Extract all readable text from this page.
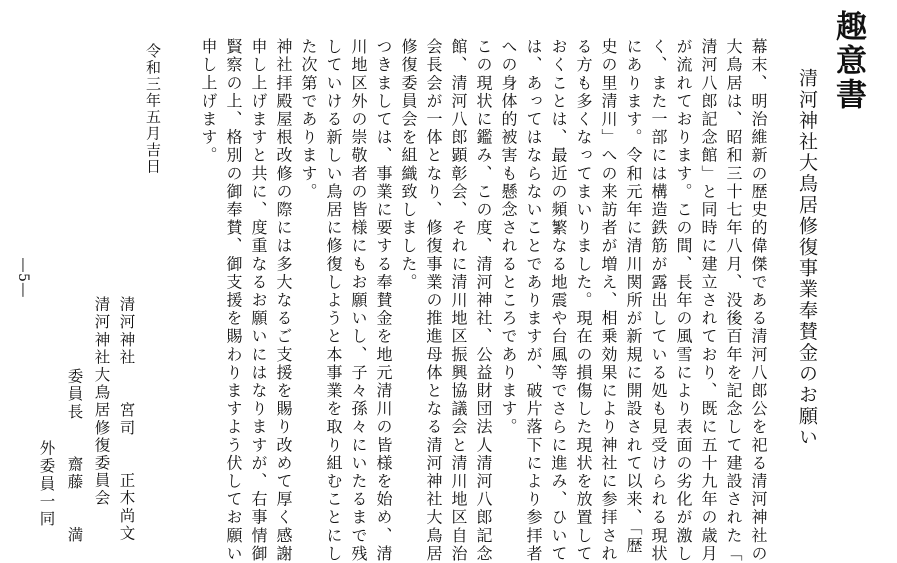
趣意書
清河神社大鳥居修復事業奉賛金のお願い
幕末、明治維新の歴史的偉傑である清河八郎公を祀る清河神社の
大鳥居は、昭和三十七年八月、没後百年を記念して建設された「
清河八郎記念館」と同時に建立されており、既に五十九年の歳月
が流れております。この間、長年の風雪により表面の劣化が激し
く、また一部には構造鉄筋が露出している処も見受けられる現状
にあります。令和元年に清川関所が新規に開設されて以来、「歴
史の里清川」への来訪者が増え、相乗効果により神社に参拝され
る方も多くなってまいりました。現在の損傷した現状を放置して
おくことは、最近の頻繁なる地震や台風等でさらに進み、ひいて
は、あってはならないことでありますが、破片落下により参拝者
への身体的被害も懸念されるところであります。
この現状に鑑み、この度、清河神社、公益財団法人清河八郎記念
館、清河八郎顕彰会、それに清川地区振興協議会と清川地区自治
会長会が一体となり、修復事業の推進母体となる清河神社大鳥居
修復委員会を組織致しました。
つきましては、事業に要する奉賛金を地元清川の皆様を始め、清
川地区外の崇敬者の皆様にもお願いし、子々孫々にいたるまで残
していける新しい鳥居に修復しようと本事業を取り組むことにし
た次第であります。
神社拝殿屋根改修の際には多大なるご支援を賜り改めて厚く感謝
申し上げますと共に、度重なるお願いにはなりますが、右事情御
賢察の上、格別の御奉賛、御支援を賜わりますよう伏してお願い
申し上げます。
令和三年五月吉日
―5―
清河神社　　宮司　　正木尚文
清河神社大鳥居修復委員会
委員長　　齋藤　　満
外委員一同
